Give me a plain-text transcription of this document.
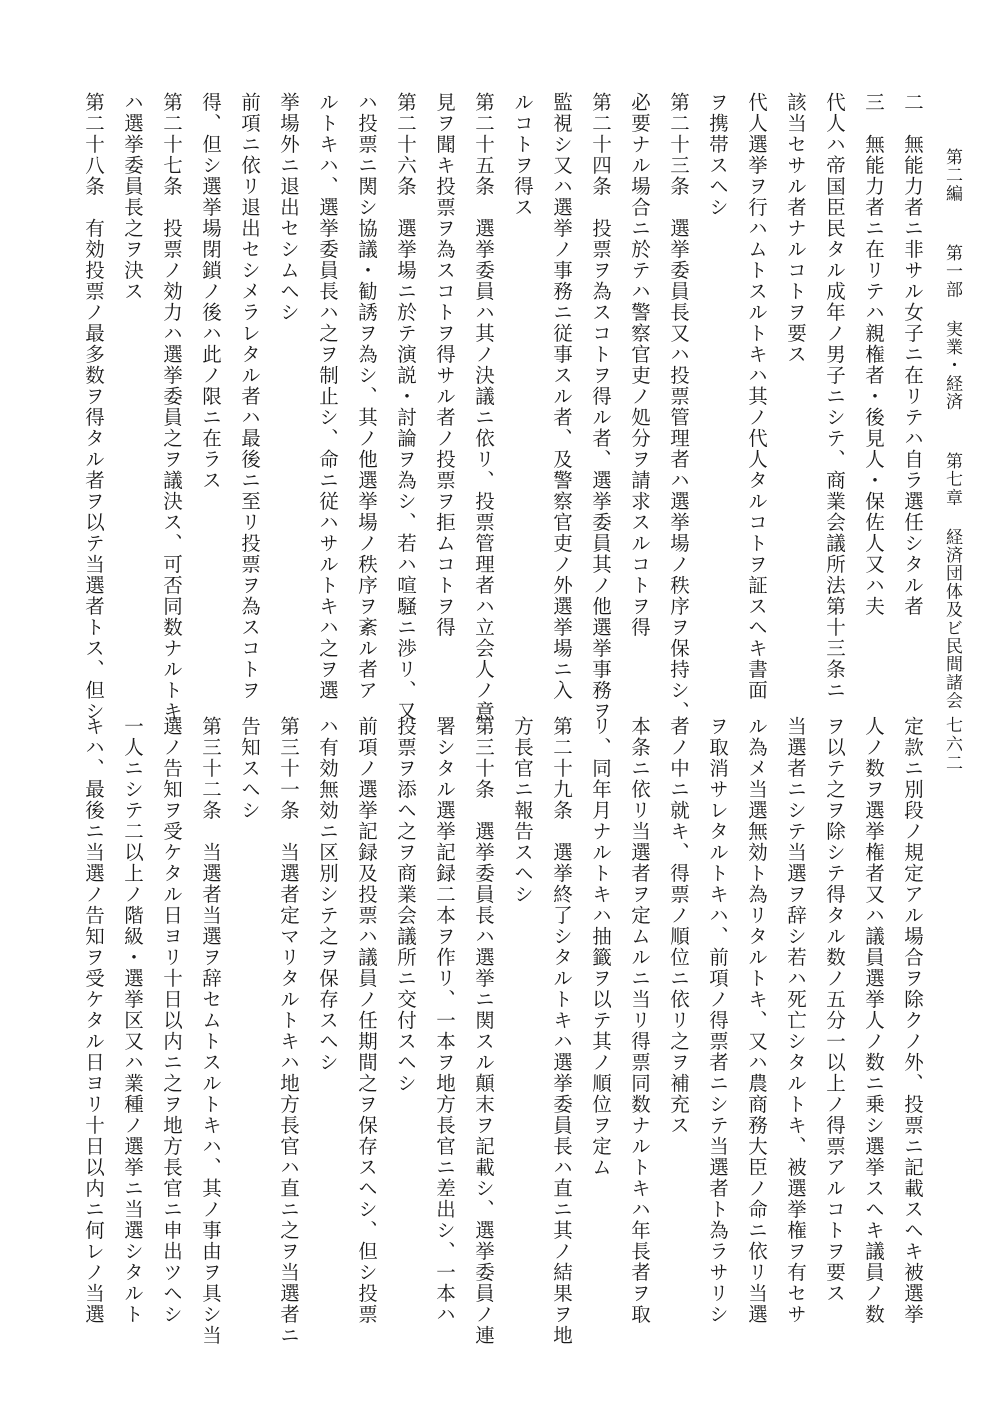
第二編 第一部 実業・経済 第七章 経済団体及ビ民間諸会
七六二
二　無能力者ニ非サル女子ニ在リテハ自ラ選任シタル者
三　無能力者ニ在リテハ親権者・後見人・保佐人又ハ夫
代人ハ帝国臣民タル成年ノ男子ニシテ、商業会議所法第十三条ニ
該当セサル者ナルコトヲ要ス
代人選挙ヲ行ハムトスルトキハ其ノ代人タルコトヲ証スヘキ書面
ヲ携帯スヘシ
第二十三条　選挙委員長又ハ投票管理者ハ選挙場ノ秩序ヲ保持シ、
必要ナル場合ニ於テハ警察官吏ノ処分ヲ請求スルコトヲ得
第二十四条　投票ヲ為スコトヲ得ル者、選挙委員其ノ他選挙事務ヲ
監視シ又ハ選挙ノ事務ニ従事スル者、及警察官吏ノ外選挙場ニ入
ルコトヲ得ス
第二十五条　選挙委員ハ其ノ決議ニ依リ、投票管理者ハ立会人ノ意
見ヲ聞キ投票ヲ為スコトヲ得サル者ノ投票ヲ拒ムコトヲ得
第二十六条　選挙場ニ於テ演説・討論ヲ為シ、若ハ喧騒ニ渉リ、又
ハ投票ニ関シ協議・勧誘ヲ為シ、其ノ他選挙場ノ秩序ヲ紊ル者ア
ルトキハ、選挙委員長ハ之ヲ制止シ、命ニ従ハサルトキハ之ヲ選
挙場外ニ退出セシムヘシ
前項ニ依リ退出セシメラレタル者ハ最後ニ至リ投票ヲ為スコトヲ
得、但シ選挙場閉鎖ノ後ハ此ノ限ニ在ラス
第二十七条　投票ノ効力ハ選挙委員之ヲ議決ス、可否同数ナルトキ
ハ選挙委員長之ヲ決ス
第二十八条　有効投票ノ最多数ヲ得タル者ヲ以テ当選者トス、但シ
定款ニ別段ノ規定アル場合ヲ除クノ外、投票ニ記載スヘキ被選挙
人ノ数ヲ選挙権者又ハ議員選挙人ノ数ニ乗シ選挙スヘキ議員ノ数
ヲ以テ之ヲ除シテ得タル数ノ五分一以上ノ得票アルコトヲ要ス
当選者ニシテ当選ヲ辞シ若ハ死亡シタルトキ、被選挙権ヲ有セサ
ル為メ当選無効ト為リタルトキ、又ハ農商務大臣ノ命ニ依リ当選
ヲ取消サレタルトキハ、前項ノ得票者ニシテ当選者ト為ラサリシ
者ノ中ニ就キ、得票ノ順位ニ依リ之ヲ補充ス
本条ニ依リ当選者ヲ定ムルニ当リ得票同数ナルトキハ年長者ヲ取
リ、同年月ナルトキハ抽籤ヲ以テ其ノ順位ヲ定ム
第二十九条　選挙終了シタルトキハ選挙委員長ハ直ニ其ノ結果ヲ地
方長官ニ報告スヘシ
第三十条　選挙委員長ハ選挙ニ関スル顛末ヲ記載シ、選挙委員ノ連
署シタル選挙記録二本ヲ作リ、一本ヲ地方長官ニ差出シ、一本ハ
投票ヲ添ヘ之ヲ商業会議所ニ交付スヘシ
前項ノ選挙記録及投票ハ議員ノ任期間之ヲ保存スヘシ、但シ投票
ハ有効無効ニ区別シテ之ヲ保存スヘシ
第三十一条　当選者定マリタルトキハ地方長官ハ直ニ之ヲ当選者ニ
告知スヘシ
第三十二条　当選者当選ヲ辞セムトスルトキハ、其ノ事由ヲ具シ当
選ノ告知ヲ受ケタル日ヨリ十日以内ニ之ヲ地方長官ニ申出ツヘシ
一人ニシテ二以上ノ階級・選挙区又ハ業種ノ選挙ニ当選シタルト
キハ、最後ニ当選ノ告知ヲ受ケタル日ヨリ十日以内ニ何レノ当選
